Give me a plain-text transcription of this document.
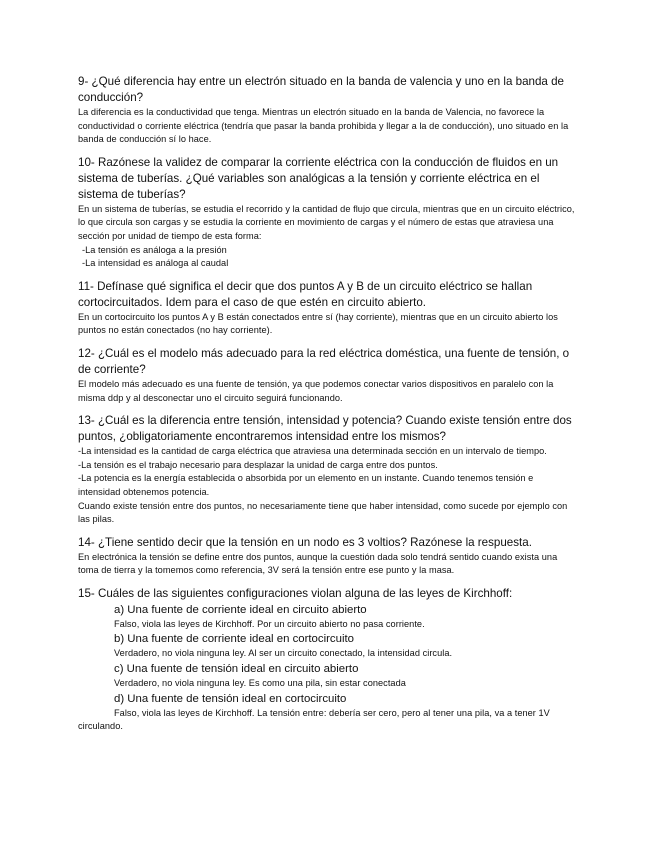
9- ¿Qué diferencia hay entre un electrón situado en la banda de valencia y uno en la banda de conducción?

La diferencia es la conductividad que tenga. Mientras un electrón situado en la banda de Valencia, no favorece la conductividad o corriente eléctrica (tendría que pasar la banda prohibida y llegar a la de conducción), uno situado en la banda de conducción sí lo hace.

10- Razónese la validez de comparar la corriente eléctrica con la conducción de fluidos en un sistema de tuberías. ¿Qué variables son analógicas a la tensión y corriente eléctrica en el sistema de tuberías?

En un sistema de tuberías, se estudia el recorrido y la cantidad de flujo que circula, mientras que en un circuito eléctrico, lo que circula son cargas y se estudia la corriente en movimiento de cargas y el número de estas que atraviesa una sección por unidad de tiempo de esta forma:

-La tensión es análoga a la presión

-La intensidad es análoga al caudal

11- Defínase qué significa el decir que dos puntos A y B de un circuito eléctrico se hallan cortocircuitados. Idem para el caso de que estén en circuito abierto.

En un cortocircuito los puntos A y B están conectados entre sí (hay corriente), mientras que en un circuito abierto los puntos no están conectados (no hay corriente).

12- ¿Cuál es el modelo más adecuado para la red eléctrica doméstica, una fuente de tensión, o de corriente?

El modelo más adecuado es una fuente de tensión, ya que podemos conectar varios dispositivos en paralelo con la misma ddp y al desconectar uno el circuito seguirá funcionando.

13- ¿Cuál es la diferencia entre tensión, intensidad y potencia? Cuando existe tensión entre dos puntos, ¿obligatoriamente encontraremos intensidad entre los mismos?

-La intensidad es la cantidad de carga eléctrica que atraviesa una determinada sección en un intervalo de tiempo.

-La tensión es el trabajo necesario para desplazar la unidad de carga entre dos puntos.

-La potencia es la energía establecida o absorbida por un elemento en un instante. Cuando tenemos tensión e intensidad obtenemos potencia.

Cuando existe tensión entre dos puntos, no necesariamente tiene que haber intensidad, como sucede por ejemplo con las pilas.

14- ¿Tiene sentido decir que la tensión en un nodo es 3 voltios? Razónese la respuesta.

En electrónica la tensión se define entre dos puntos, aunque la cuestión dada solo tendrá sentido cuando exista una toma de tierra y la tomemos como referencia, 3V será la tensión entre ese punto y la masa.

15- Cuáles de las siguientes configuraciones violan alguna de las leyes de Kirchhoff:

a) Una fuente de corriente ideal en circuito abierto

Falso, viola las leyes de Kirchhoff. Por un circuito abierto no pasa corriente.

b) Una fuente de corriente ideal en cortocircuito

Verdadero, no viola ninguna ley. Al ser un circuito conectado, la intensidad circula.

c) Una fuente de tensión ideal en circuito abierto

Verdadero, no viola ninguna ley. Es como una pila, sin estar conectada

d) Una fuente de tensión ideal en cortocircuito

Falso, viola las leyes de Kirchhoff. La tensión entre: debería ser cero, pero al tener una pila, va a tener 1V circulando.
